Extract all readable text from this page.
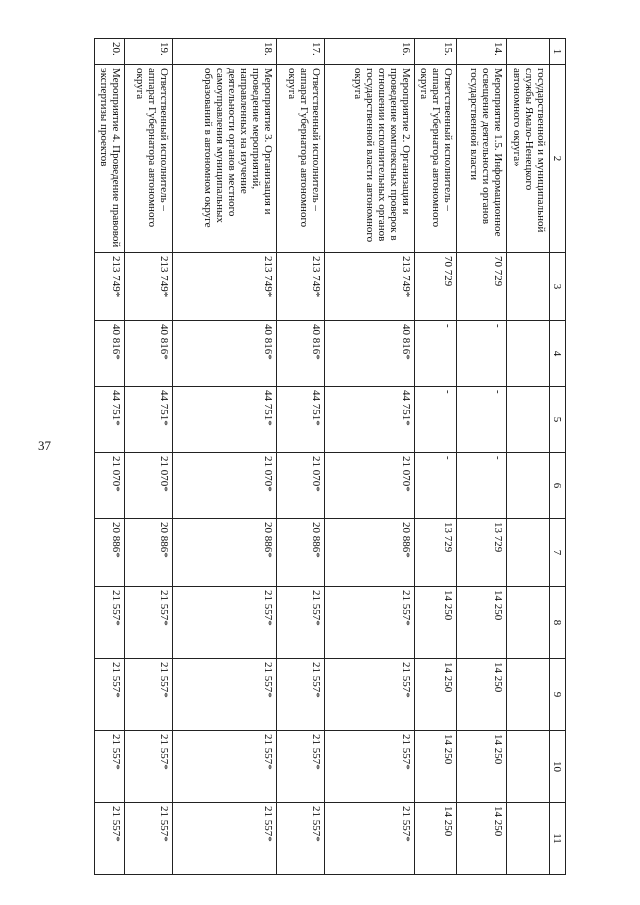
37
1	2	3	4	5	6	7	8	9	10	11
	государственной и муниципальной службы Ямало-Ненецкого автономного округа»									
14.	Мероприятие 1.5. Информационное освещение деятельности органов государственной власти	70 729	-	-	-	13 729	14 250	14 250	14 250	14 250
15.	Ответственный исполнитель – аппарат Губернатора автономного округа	70 729	-	-	-	13 729	14 250	14 250	14 250	14 250
16.	Мероприятие 2. Организация и проведение комплексных проверок в отношении исполнительных органов государственной власти автономного округа	213 749*	40 816*	44 751*	21 070*	20 886*	21 557*	21 557*	21 557*	21 557*
17.	Ответственный исполнитель – аппарат Губернатора автономного округа	213 749*	40 816*	44 751*	21 070*	20 886*	21 557*	21 557*	21 557*	21 557*
18.	Мероприятие 3. Организация и проведение мероприятий, направленных на изучение деятельности органов местного самоуправления муниципальных образований в автономном округе	213 749*	40 816*	44 751*	21 070*	20 886*	21 557*	21 557*	21 557*	21 557*
19.	Ответственный исполнитель – аппарат Губернатора автономного округа	213 749*	40 816*	44 751*	21 070*	20 886*	21 557*	21 557*	21 557*	21 557*
20.	Мероприятие 4. Проведение правовой экспертизы проектов	213 749*	40 816*	44 751*	21 070*	20 886*	21 557*	21 557*	21 557*	21 557*
